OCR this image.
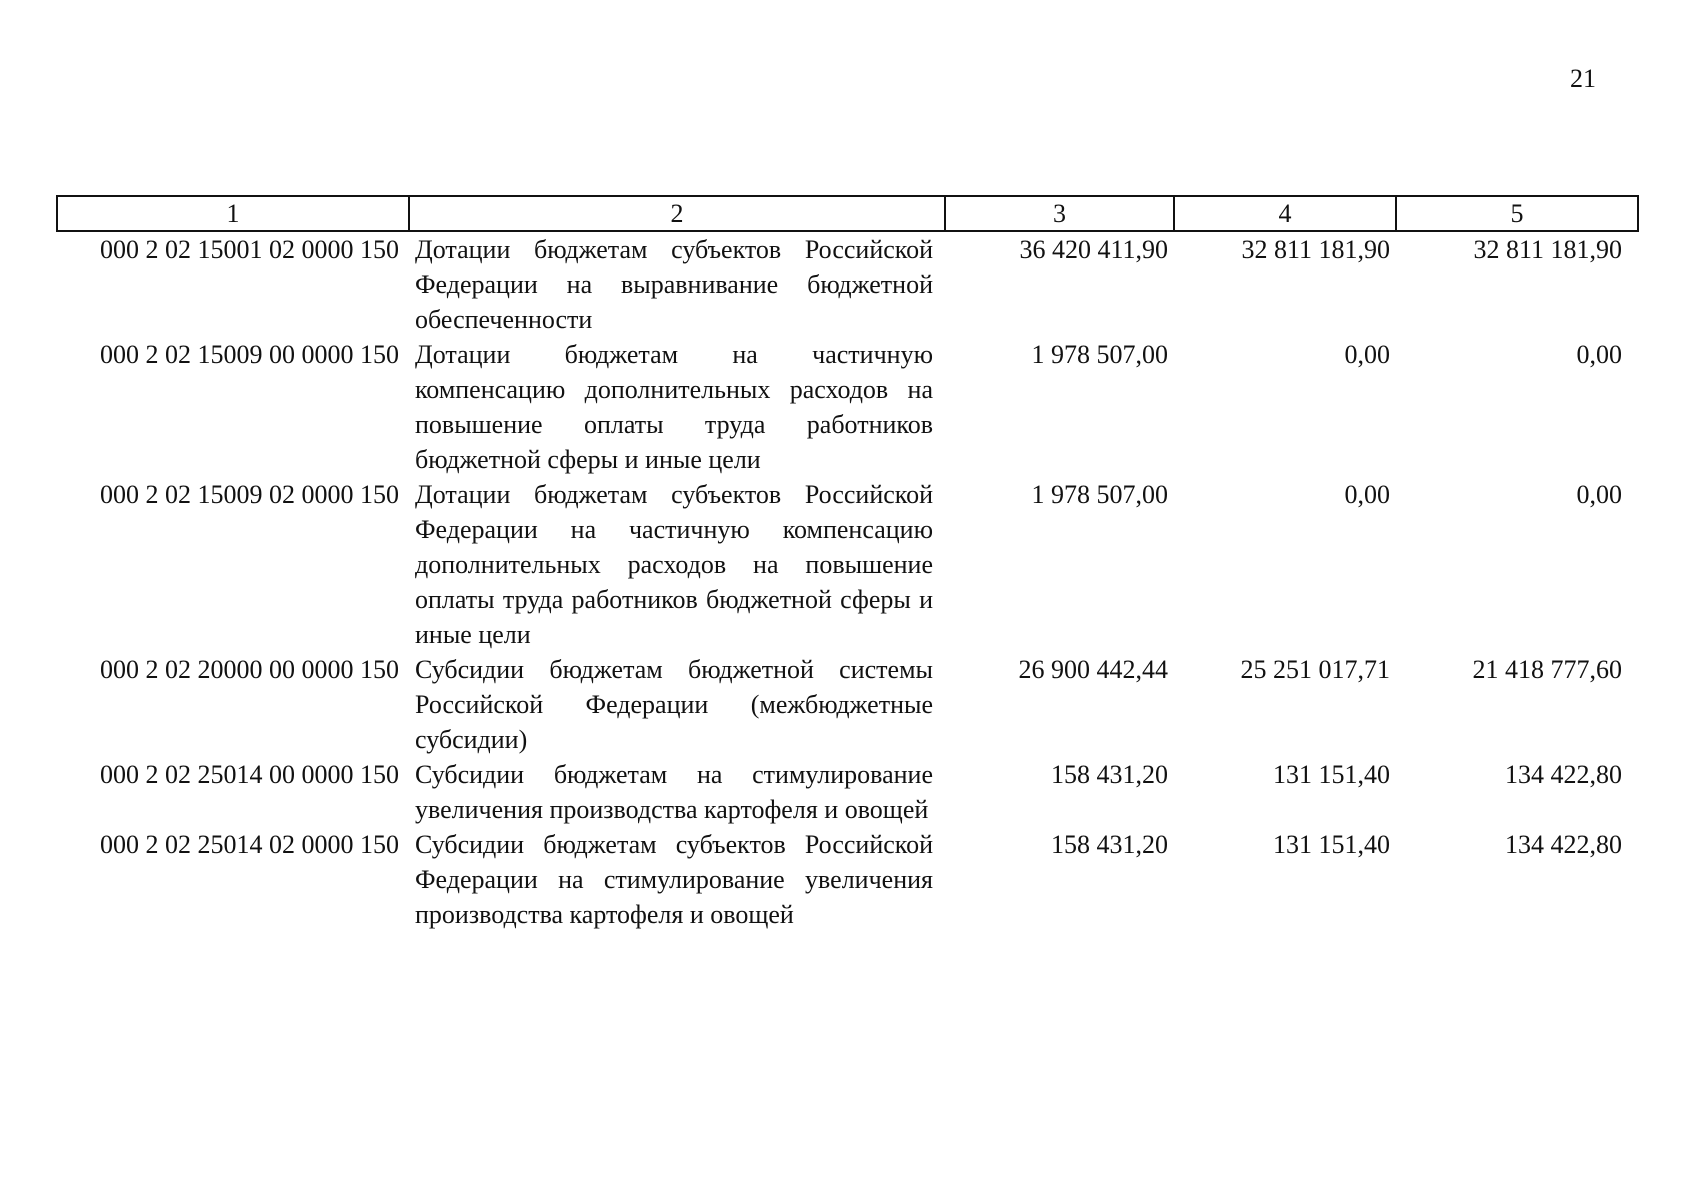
21
1	2	3	4	5
000 2 02 15001 02 0000 150	Дотации бюджетам субъектов Российской Федерации на выравнивание бюджетной обеспеченности	36 420 411,90	32 811 181,90	32 811 181,90
000 2 02 15009 00 0000 150	Дотации бюджетам на частичную компенсацию дополнительных расходов на повышение оплаты труда работников бюджетной сферы и иные цели	1 978 507,00	0,00	0,00
000 2 02 15009 02 0000 150	Дотации бюджетам субъектов Российской Федерации на частичную компенсацию дополнительных расходов на повышение оплаты труда работников бюджетной сферы и иные цели	1 978 507,00	0,00	0,00
000 2 02 20000 00 0000 150	Субсидии бюджетам бюджетной системы Российской Федерации (межбюджетные субсидии)	26 900 442,44	25 251 017,71	21 418 777,60
000 2 02 25014 00 0000 150	Субсидии бюджетам на стимулирование увеличения производства картофеля и овощей	158 431,20	131 151,40	134 422,80
000 2 02 25014 02 0000 150	Субсидии бюджетам субъектов Российской Федерации на стимулирование увеличения производства картофеля и овощей	158 431,20	131 151,40	134 422,80
